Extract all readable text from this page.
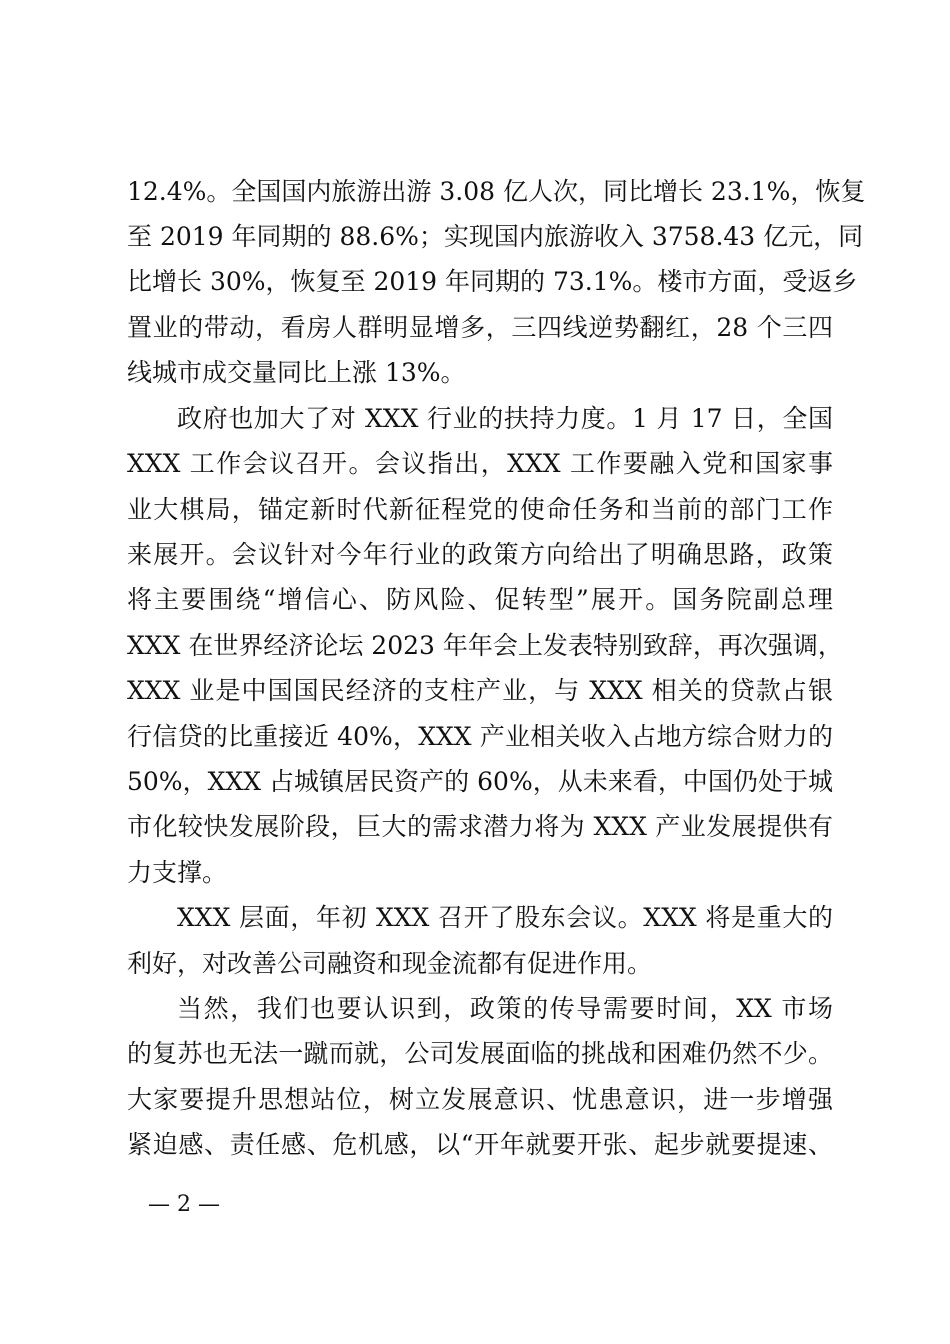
12.4%。全国国内旅游出游 3.08 亿人次，同比增长 23.1%，恢复
至 2019 年同期的 88.6%；实现国内旅游收入 3758.43 亿元，同
比增长 30%，恢复至 2019 年同期的 73.1%。楼市方面，受返乡
置业的带动，看房人群明显增多，三四线逆势翻红，28 个三四
线城市成交量同比上涨 13%。
政府也加大了对 XXX 行业的扶持力度。1 月 17 日，全国
XXX 工作会议召开。会议指出，XXX 工作要融入党和国家事
业大棋局，锚定新时代新征程党的使命任务和当前的部门工作
来展开。会议针对今年行业的政策方向给出了明确思路，政策
将主要围绕“增信心、防风险、促转型”展开。国务院副总理
XXX 在世界经济论坛 2023 年年会上发表特别致辞，再次强调，
XXX 业是中国国民经济的支柱产业，与 XXX 相关的贷款占银
行信贷的比重接近 40%，XXX 产业相关收入占地方综合财力的
50%，XXX 占城镇居民资产的 60%，从未来看，中国仍处于城
市化较快发展阶段，巨大的需求潜力将为 XXX 产业发展提供有
力支撑。
XXX 层面，年初 XXX 召开了股东会议。XXX 将是重大的
利好，对改善公司融资和现金流都有促进作用。
当然，我们也要认识到，政策的传导需要时间，XX 市场
的复苏也无法一蹴而就，公司发展面临的挑战和困难仍然不少。
大家要提升思想站位，树立发展意识、忧患意识，进一步增强
紧迫感、责任感、危机感，以“开年就要开张、起步就要提速、
— 2 —
